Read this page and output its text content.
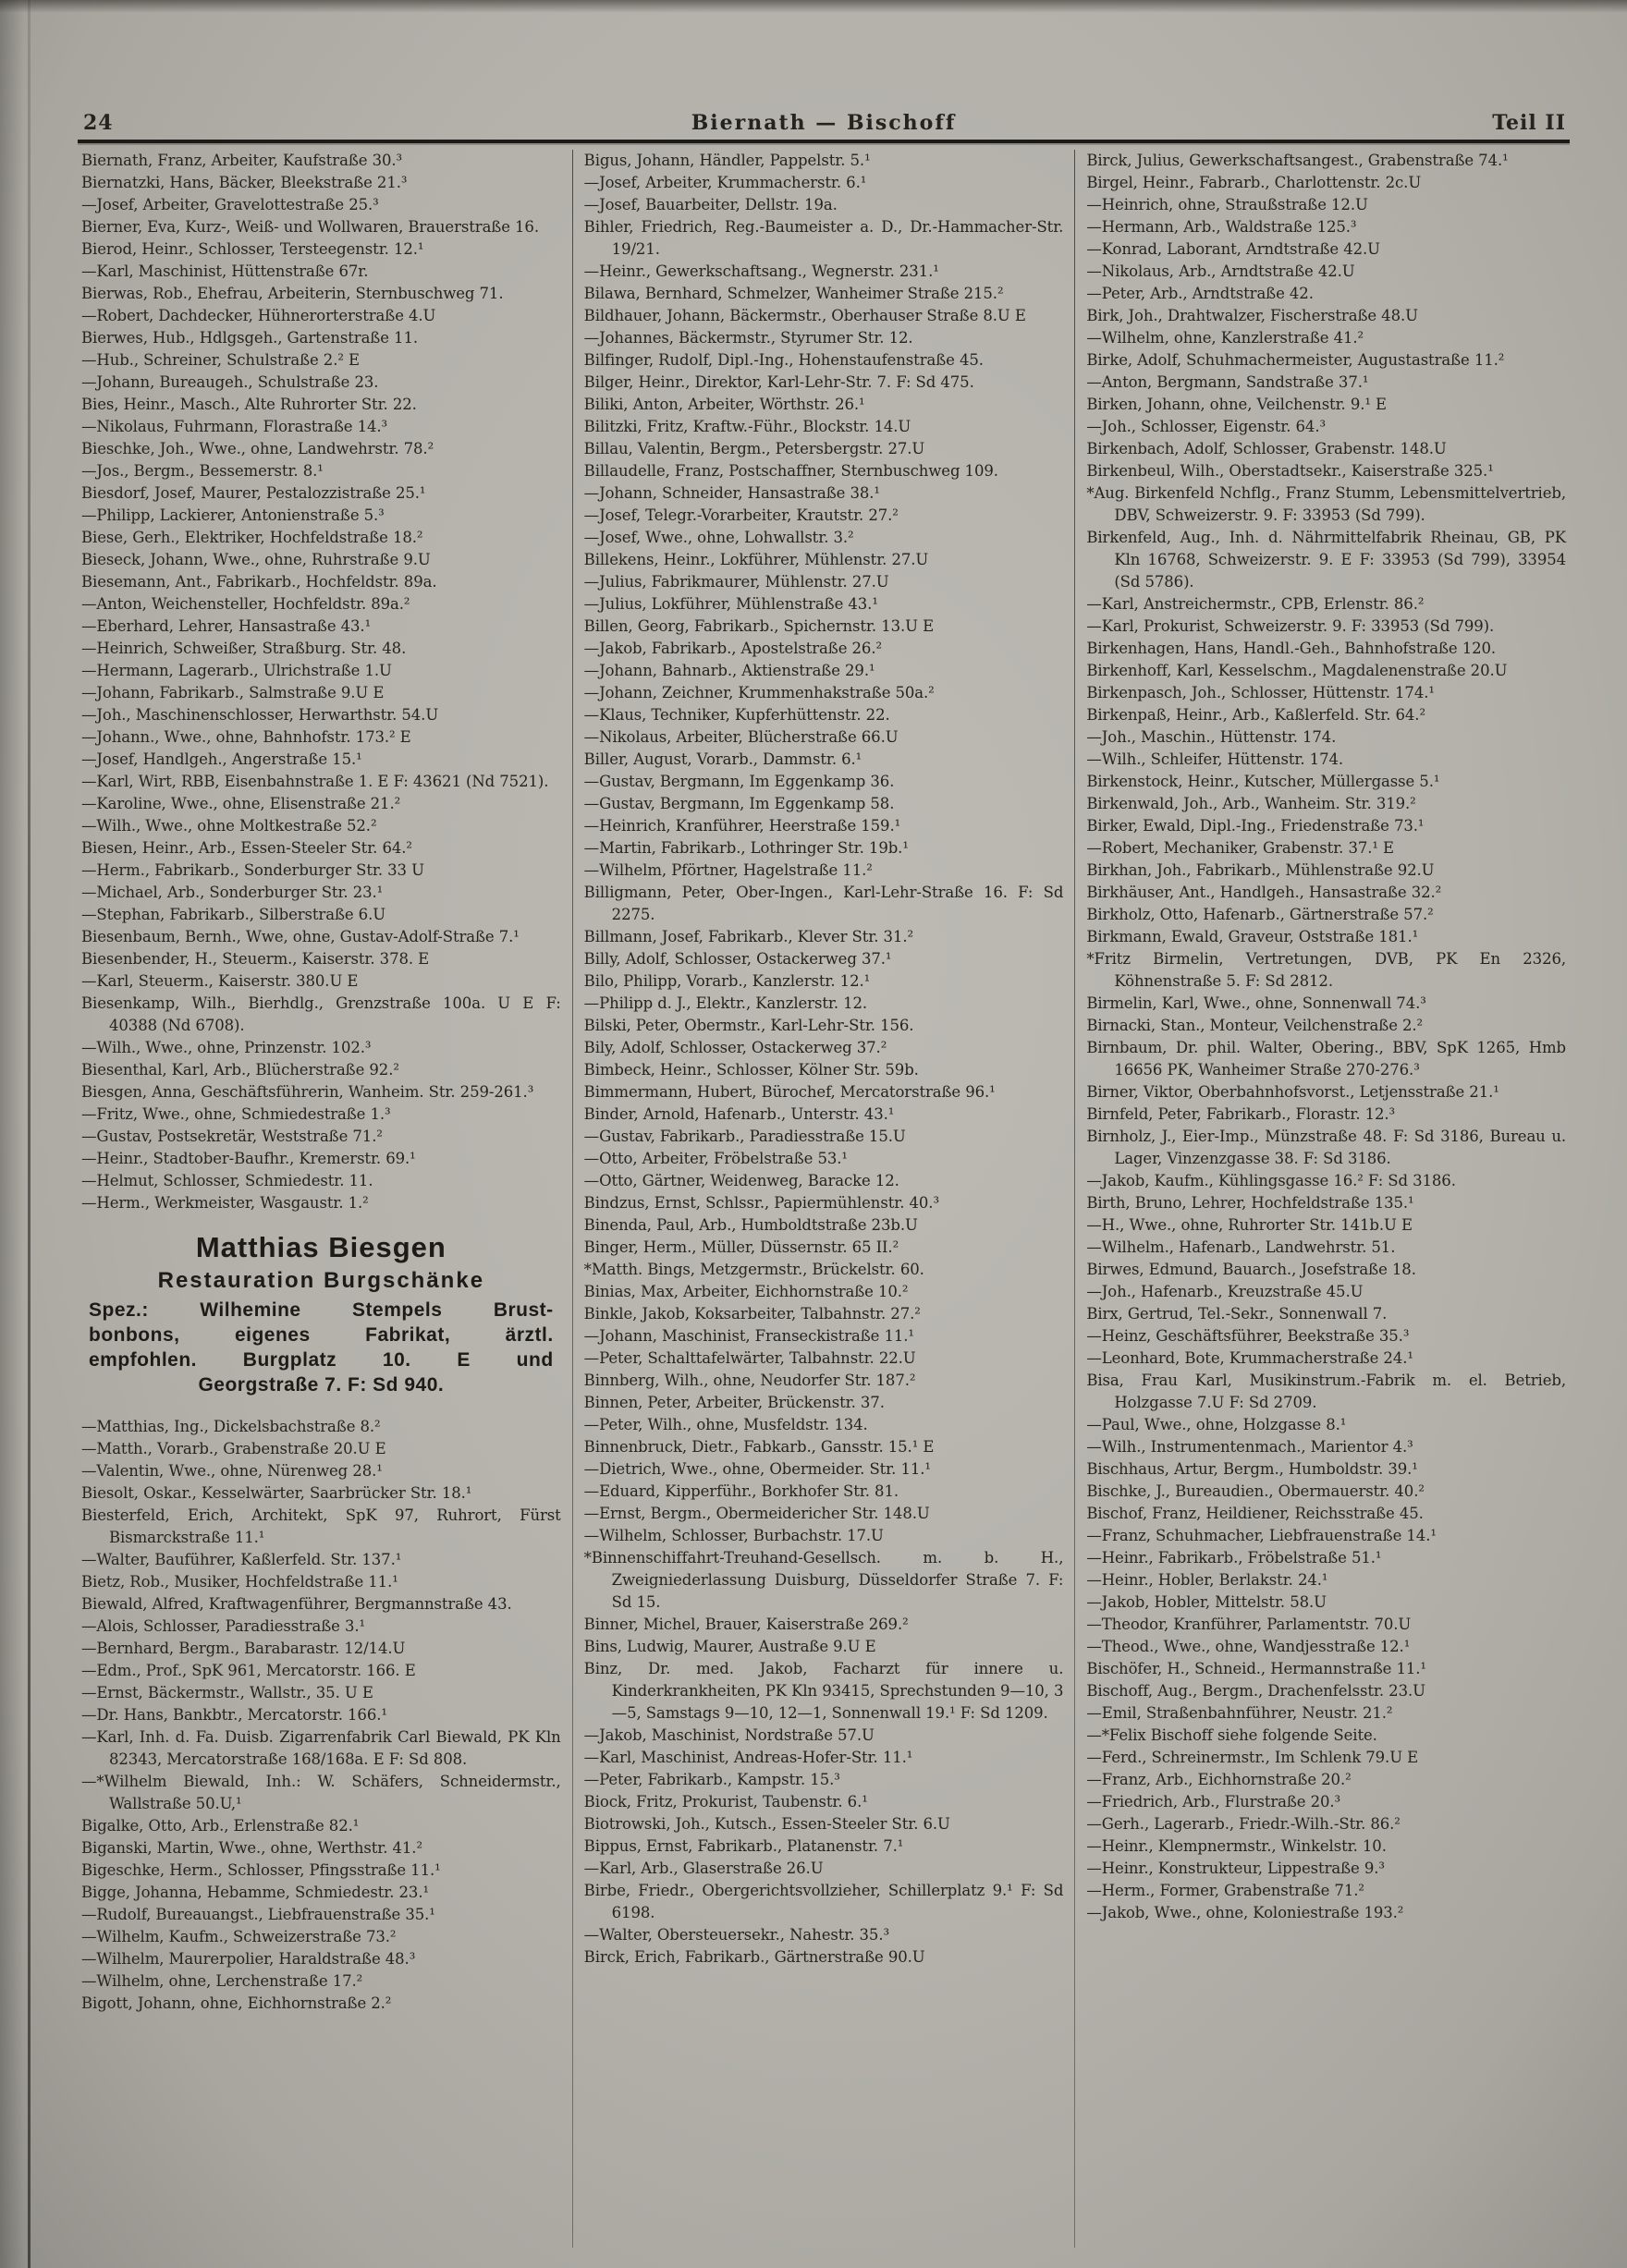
24	Biernath — Bischoff	Teil II
Biernath, Franz, Arbeiter, Kaufstraße 30.³
Biernatzki, Hans, Bäcker, Bleekstraße 21.³
—Josef, Arbeiter, Gravelottestraße 25.³
Bierner, Eva, Kurz-, Weiß- und Wollwaren, Brauerstraße 16.
Bierod, Heinr., Schlosser, Tersteegenstr. 12.¹
—Karl, Maschinist, Hüttenstraße 67r.
Bierwas, Rob., Ehefrau, Arbeiterin, Sternbuschweg 71.
—Robert, Dachdecker, Hühnerorterstraße 4.U
Bierwes, Hub., Hdlgsgeh., Gartenstraße 11.
—Hub., Schreiner, Schulstraße 2.² E
—Johann, Bureaugeh., Schulstraße 23.
Bies, Heinr., Masch., Alte Ruhrorter Str. 22.
—Nikolaus, Fuhrmann, Florastraße 14.³
Bieschke, Joh., Wwe., ohne, Landwehrstr. 78.²
—Jos., Bergm., Bessemerstr. 8.¹
Biesdorf, Josef, Maurer, Pestalozzistraße 25.¹
—Philipp, Lackierer, Antonienstraße 5.³
Biese, Gerh., Elektriker, Hochfeldstraße 18.²
Bieseck, Johann, Wwe., ohne, Ruhrstraße 9.U
Biesemann, Ant., Fabrikarb., Hochfeldstr. 89a.
—Anton, Weichensteller, Hochfeldstr. 89a.²
—Eberhard, Lehrer, Hansastraße 43.¹
—Heinrich, Schweißer, Straßburg. Str. 48.
—Hermann, Lagerarb., Ulrichstraße 1.U
—Johann, Fabrikarb., Salmstraße 9.U E
—Joh., Maschinenschlosser, Herwarthstr. 54.U
—Johann., Wwe., ohne, Bahnhofstr. 173.² E
—Josef, Handlgeh., Angerstraße 15.¹
—Karl, Wirt, RBB, Eisenbahnstraße 1. E F: 43621 (Nd 7521).
—Karoline, Wwe., ohne, Elisenstraße 21.²
—Wilh., Wwe., ohne Moltkestraße 52.²
Biesen, Heinr., Arb., Essen-Steeler Str. 64.²
—Herm., Fabrikarb., Sonderburger Str. 33 U
—Michael, Arb., Sonderburger Str. 23.¹
—Stephan, Fabrikarb., Silberstraße 6.U
Biesenbaum, Bernh., Wwe, ohne, Gustav-Adolf-Straße 7.¹
Biesenbender, H., Steuerm., Kaiserstr. 378. E
—Karl, Steuerm., Kaiserstr. 380.U E
Biesenkamp, Wilh., Bierhdlg., Grenzstraße 100a. U E F: 40388 (Nd 6708).
—Wilh., Wwe., ohne, Prinzenstr. 102.³
Biesenthal, Karl, Arb., Blücherstraße 92.²
Biesgen, Anna, Geschäftsführerin, Wanheim. Str. 259-261.³
—Fritz, Wwe., ohne, Schmiedestraße 1.³
—Gustav, Postsekretär, Weststraße 71.²
—Heinr., Stadtober-Baufhr., Kremerstr. 69.¹
—Helmut, Schlosser, Schmiedestr. 11.
—Herm., Werkmeister, Wasgaustr. 1.²
Matthias Biesgen
Restauration Burgschänke
Spez.: Wilhemine Stempels Brust-
bonbons, eigenes Fabrikat, ärztl.
empfohlen. Burgplatz 10. E und
Georgstraße 7. F: Sd 940.
—Matthias, Ing., Dickelsbachstraße 8.²
—Matth., Vorarb., Grabenstraße 20.U E
—Valentin, Wwe., ohne, Nürenweg 28.¹
Biesolt, Oskar., Kesselwärter, Saarbrücker Str. 18.¹
Biesterfeld, Erich, Architekt, SpK 97, Ruhrort, Fürst Bismarckstraße 11.¹
—Walter, Bauführer, Kaßlerfeld. Str. 137.¹
Bietz, Rob., Musiker, Hochfeldstraße 11.¹
Biewald, Alfred, Kraftwagenführer, Bergmannstraße 43.
—Alois, Schlosser, Paradiesstraße 3.¹
—Bernhard, Bergm., Barabarastr. 12/14.U
—Edm., Prof., SpK 961, Mercatorstr. 166. E
—Ernst, Bäckermstr., Wallstr., 35. U E
—Dr. Hans, Bankbtr., Mercatorstr. 166.¹
—Karl, Inh. d. Fa. Duisb. Zigarrenfabrik Carl Biewald, PK Kln 82343, Mercatorstraße 168/168a. E F: Sd 808.
—*Wilhelm Biewald, Inh.: W. Schäfers, Schneidermstr., Wallstraße 50.U,¹
Bigalke, Otto, Arb., Erlenstraße 82.¹
Biganski, Martin, Wwe., ohne, Werthstr. 41.²
Bigeschke, Herm., Schlosser, Pfingsstraße 11.¹
Bigge, Johanna, Hebamme, Schmiedestr. 23.¹
—Rudolf, Bureauangst., Liebfrauenstraße 35.¹
—Wilhelm, Kaufm., Schweizerstraße 73.²
—Wilhelm, Maurerpolier, Haraldstraße 48.³
—Wilhelm, ohne, Lerchenstraße 17.²
Bigott, Johann, ohne, Eichhornstraße 2.²
Bigus, Johann, Händler, Pappelstr. 5.¹
—Josef, Arbeiter, Krummacherstr. 6.¹
—Josef, Bauarbeiter, Dellstr. 19a.
Bihler, Friedrich, Reg.-Baumeister a. D., Dr.-Hammacher-Str. 19/21.
—Heinr., Gewerkschaftsang., Wegnerstr. 231.¹
Bilawa, Bernhard, Schmelzer, Wanheimer Straße 215.²
Bildhauer, Johann, Bäckermstr., Oberhauser Straße 8.U E
—Johannes, Bäckermstr., Styrumer Str. 12.
Bilfinger, Rudolf, Dipl.-Ing., Hohenstaufenstraße 45.
Bilger, Heinr., Direktor, Karl-Lehr-Str. 7. F: Sd 475.
Biliki, Anton, Arbeiter, Wörthstr. 26.¹
Bilitzki, Fritz, Kraftw.-Führ., Blockstr. 14.U
Billau, Valentin, Bergm., Petersbergstr. 27.U
Billaudelle, Franz, Postschaffner, Sternbuschweg 109.
—Johann, Schneider, Hansastraße 38.¹
—Josef, Telegr.-Vorarbeiter, Krautstr. 27.²
—Josef, Wwe., ohne, Lohwallstr. 3.²
Billekens, Heinr., Lokführer, Mühlenstr. 27.U
—Julius, Fabrikmaurer, Mühlenstr. 27.U
—Julius, Lokführer, Mühlenstraße 43.¹
Billen, Georg, Fabrikarb., Spichernstr. 13.U E
—Jakob, Fabrikarb., Apostelstraße 26.²
—Johann, Bahnarb., Aktienstraße 29.¹
—Johann, Zeichner, Krummenhakstraße 50a.²
—Klaus, Techniker, Kupferhüttenstr. 22.
—Nikolaus, Arbeiter, Blücherstraße 66.U
Biller, August, Vorarb., Dammstr. 6.¹
—Gustav, Bergmann, Im Eggenkamp 36.
—Gustav, Bergmann, Im Eggenkamp 58.
—Heinrich, Kranführer, Heerstraße 159.¹
—Martin, Fabrikarb., Lothringer Str. 19b.¹
—Wilhelm, Pförtner, Hagelstraße 11.²
Billigmann, Peter, Ober-Ingen., Karl-Lehr-Straße 16. F: Sd 2275.
Billmann, Josef, Fabrikarb., Klever Str. 31.²
Billy, Adolf, Schlosser, Ostackerweg 37.¹
Bilo, Philipp, Vorarb., Kanzlerstr. 12.¹
—Philipp d. J., Elektr., Kanzlerstr. 12.
Bilski, Peter, Obermstr., Karl-Lehr-Str. 156.
Bily, Adolf, Schlosser, Ostackerweg 37.²
Bimbeck, Heinr., Schlosser, Kölner Str. 59b.
Bimmermann, Hubert, Bürochef, Mercatorstraße 96.¹
Binder, Arnold, Hafenarb., Unterstr. 43.¹
—Gustav, Fabrikarb., Paradiesstraße 15.U
—Otto, Arbeiter, Fröbelstraße 53.¹
—Otto, Gärtner, Weidenweg, Baracke 12.
Bindzus, Ernst, Schlssr., Papiermühlenstr. 40.³
Binenda, Paul, Arb., Humboldtstraße 23b.U
Binger, Herm., Müller, Düssernstr. 65 II.²
*Matth. Bings, Metzgermstr., Brückelstr. 60.
Binias, Max, Arbeiter, Eichhornstraße 10.²
Binkle, Jakob, Koksarbeiter, Talbahnstr. 27.²
—Johann, Maschinist, Franseckistraße 11.¹
—Peter, Schalttafelwärter, Talbahnstr. 22.U
Binnberg, Wilh., ohne, Neudorfer Str. 187.²
Binnen, Peter, Arbeiter, Brückenstr. 37.
—Peter, Wilh., ohne, Musfeldstr. 134.
Binnenbruck, Dietr., Fabkarb., Gansstr. 15.¹ E
—Dietrich, Wwe., ohne, Obermeider. Str. 11.¹
—Eduard, Kipperführ., Borkhofer Str. 81.
—Ernst, Bergm., Obermeidericher Str. 148.U
—Wilhelm, Schlosser, Burbachstr. 17.U
*Binnenschiffahrt-Treuhand-Gesellsch. m. b. H., Zweigniederlassung Duisburg, Düsseldorfer Straße 7. F: Sd 15.
Binner, Michel, Brauer, Kaiserstraße 269.²
Bins, Ludwig, Maurer, Austraße 9.U E
Binz, Dr. med. Jakob, Facharzt für innere u. Kinderkrankheiten, PK Kln 93415, Sprechstunden 9—10, 3—5, Samstags 9—10, 12—1, Sonnenwall 19.¹ F: Sd 1209.
—Jakob, Maschinist, Nordstraße 57.U
—Karl, Maschinist, Andreas-Hofer-Str. 11.¹
—Peter, Fabrikarb., Kampstr. 15.³
Biock, Fritz, Prokurist, Taubenstr. 6.¹
Biotrowski, Joh., Kutsch., Essen-Steeler Str. 6.U
Bippus, Ernst, Fabrikarb., Platanenstr. 7.¹
—Karl, Arb., Glaserstraße 26.U
Birbe, Friedr., Obergerichtsvollzieher, Schillerplatz 9.¹ F: Sd 6198.
—Walter, Obersteuersekr., Nahestr. 35.³
Birck, Erich, Fabrikarb., Gärtnerstraße 90.U
Birck, Julius, Gewerkschaftsangest., Grabenstraße 74.¹
Birgel, Heinr., Fabrarb., Charlottenstr. 2c.U
—Heinrich, ohne, Straußstraße 12.U
—Hermann, Arb., Waldstraße 125.³
—Konrad, Laborant, Arndtstraße 42.U
—Nikolaus, Arb., Arndtstraße 42.U
—Peter, Arb., Arndtstraße 42.
Birk, Joh., Drahtwalzer, Fischerstraße 48.U
—Wilhelm, ohne, Kanzlerstraße 41.²
Birke, Adolf, Schuhmachermeister, Augustastraße 11.²
—Anton, Bergmann, Sandstraße 37.¹
Birken, Johann, ohne, Veilchenstr. 9.¹ E
—Joh., Schlosser, Eigenstr. 64.³
Birkenbach, Adolf, Schlosser, Grabenstr. 148.U
Birkenbeul, Wilh., Oberstadtsekr., Kaiserstraße 325.¹
*Aug. Birkenfeld Nchflg., Franz Stumm, Lebensmittelvertrieb, DBV, Schweizerstr. 9. F: 33953 (Sd 799).
Birkenfeld, Aug., Inh. d. Nährmittelfabrik Rheinau, GB, PK Kln 16768, Schweizerstr. 9. E F: 33953 (Sd 799), 33954 (Sd 5786).
—Karl, Anstreichermstr., CPB, Erlenstr. 86.²
—Karl, Prokurist, Schweizerstr. 9. F: 33953 (Sd 799).
Birkenhagen, Hans, Handl.-Geh., Bahnhofstraße 120.
Birkenhoff, Karl, Kesselschm., Magdalenenstraße 20.U
Birkenpasch, Joh., Schlosser, Hüttenstr. 174.¹
Birkenpaß, Heinr., Arb., Kaßlerfeld. Str. 64.²
—Joh., Maschin., Hüttenstr. 174.
—Wilh., Schleifer, Hüttenstr. 174.
Birkenstock, Heinr., Kutscher, Müllergasse 5.¹
Birkenwald, Joh., Arb., Wanheim. Str. 319.²
Birker, Ewald, Dipl.-Ing., Friedenstraße 73.¹
—Robert, Mechaniker, Grabenstr. 37.¹ E
Birkhan, Joh., Fabrikarb., Mühlenstraße 92.U
Birkhäuser, Ant., Handlgeh., Hansastraße 32.²
Birkholz, Otto, Hafenarb., Gärtnerstraße 57.²
Birkmann, Ewald, Graveur, Oststraße 181.¹
*Fritz Birmelin, Vertretungen, DVB, PK En 2326, Köhnenstraße 5. F: Sd 2812.
Birmelin, Karl, Wwe., ohne, Sonnenwall 74.³
Birnacki, Stan., Monteur, Veilchenstraße 2.²
Birnbaum, Dr. phil. Walter, Obering., BBV, SpK 1265, Hmb 16656 PK, Wanheimer Straße 270-276.³
Birner, Viktor, Oberbahnhofsvorst., Letjensstraße 21.¹
Birnfeld, Peter, Fabrikarb., Florastr. 12.³
Birnholz, J., Eier-Imp., Münzstraße 48. F: Sd 3186, Bureau u. Lager, Vinzenzgasse 38. F: Sd 3186.
—Jakob, Kaufm., Kühlingsgasse 16.² F: Sd 3186.
Birth, Bruno, Lehrer, Hochfeldstraße 135.¹
—H., Wwe., ohne, Ruhrorter Str. 141b.U E
—Wilhelm., Hafenarb., Landwehrstr. 51.
Birwes, Edmund, Bauarch., Josefstraße 18.
—Joh., Hafenarb., Kreuzstraße 45.U
Birx, Gertrud, Tel.-Sekr., Sonnenwall 7.
—Heinz, Geschäftsführer, Beekstraße 35.³
—Leonhard, Bote, Krummacherstraße 24.¹
Bisa, Frau Karl, Musikinstrum.-Fabrik m. el. Betrieb, Holzgasse 7.U F: Sd 2709.
—Paul, Wwe., ohne, Holzgasse 8.¹
—Wilh., Instrumentenmach., Marientor 4.³
Bischhaus, Artur, Bergm., Humboldstr. 39.¹
Bischke, J., Bureaudien., Obermauerstr. 40.²
Bischof, Franz, Heildiener, Reichsstraße 45.
—Franz, Schuhmacher, Liebfrauenstraße 14.¹
—Heinr., Fabrikarb., Fröbelstraße 51.¹
—Heinr., Hobler, Berlakstr. 24.¹
—Jakob, Hobler, Mittelstr. 58.U
—Theodor, Kranführer, Parlamentstr. 70.U
—Theod., Wwe., ohne, Wandjesstraße 12.¹
Bischöfer, H., Schneid., Hermannstraße 11.¹
Bischoff, Aug., Bergm., Drachenfelsstr. 23.U
—Emil, Straßenbahnführer, Neustr. 21.²
—*Felix Bischoff siehe folgende Seite.
—Ferd., Schreinermstr., Im Schlenk 79.U E
—Franz, Arb., Eichhornstraße 20.²
—Friedrich, Arb., Flurstraße 20.³
—Gerh., Lagerarb., Friedr.-Wilh.-Str. 86.²
—Heinr., Klempnermstr., Winkelstr. 10.
—Heinr., Konstrukteur, Lippestraße 9.³
—Herm., Former, Grabenstraße 71.²
—Jakob, Wwe., ohne, Koloniestraße 193.²
